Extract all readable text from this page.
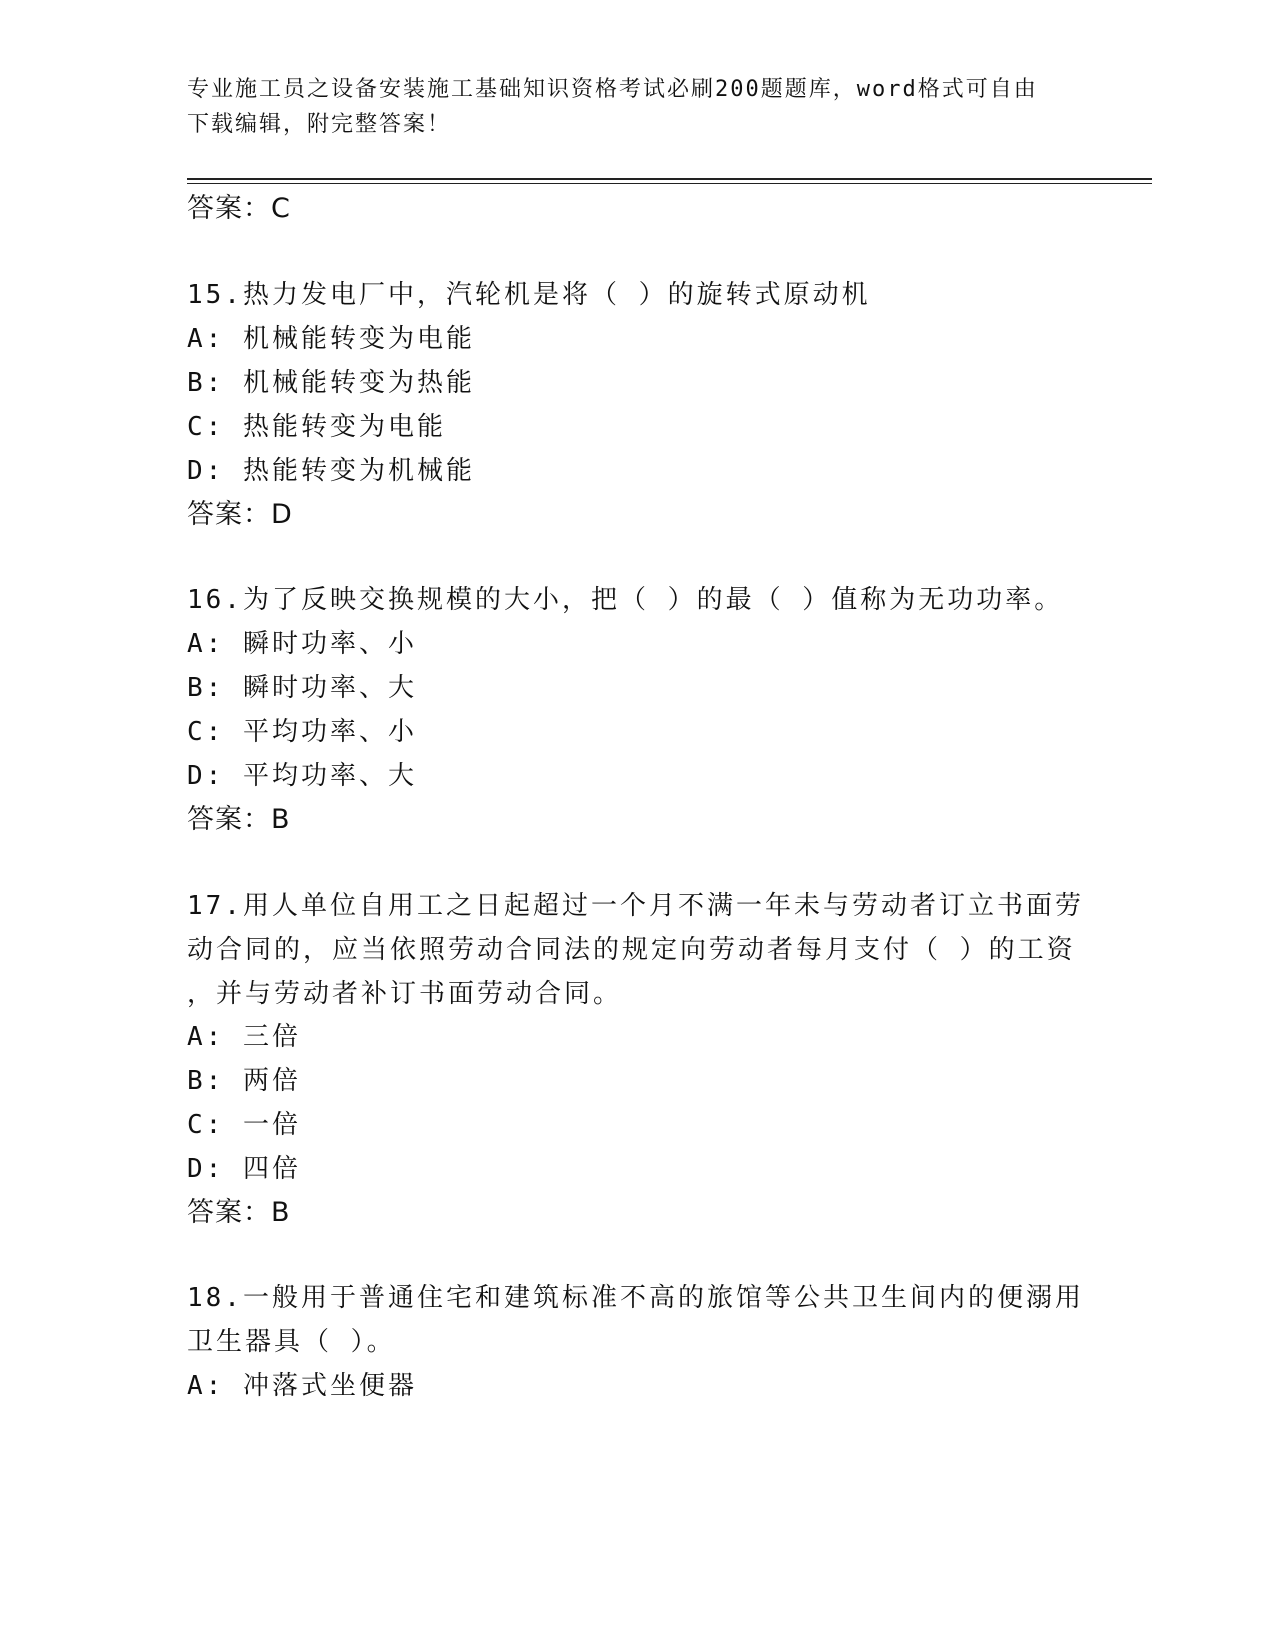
专业施工员之设备安装施工基础知识资格考试必刷200题题库，word格式可自由
下载编辑，附完整答案！
答案：C
15.热力发电厂中，汽轮机是将（ ）的旋转式原动机
A: 机械能转变为电能
B: 机械能转变为热能
C: 热能转变为电能
D: 热能转变为机械能
答案：D
16.为了反映交换规模的大小，把（ ）的最（ ）值称为无功功率。
A: 瞬时功率、小
B: 瞬时功率、大
C: 平均功率、小
D: 平均功率、大
答案：B
17.用人单位自用工之日起超过一个月不满一年未与劳动者订立书面劳
动合同的，应当依照劳动合同法的规定向劳动者每月支付（ ）的工资
，并与劳动者补订书面劳动合同。
A: 三倍
B: 两倍
C: 一倍
D: 四倍
答案：B
18.一般用于普通住宅和建筑标准不高的旅馆等公共卫生间内的便溺用
卫生器具（ ）。
A: 冲落式坐便器
